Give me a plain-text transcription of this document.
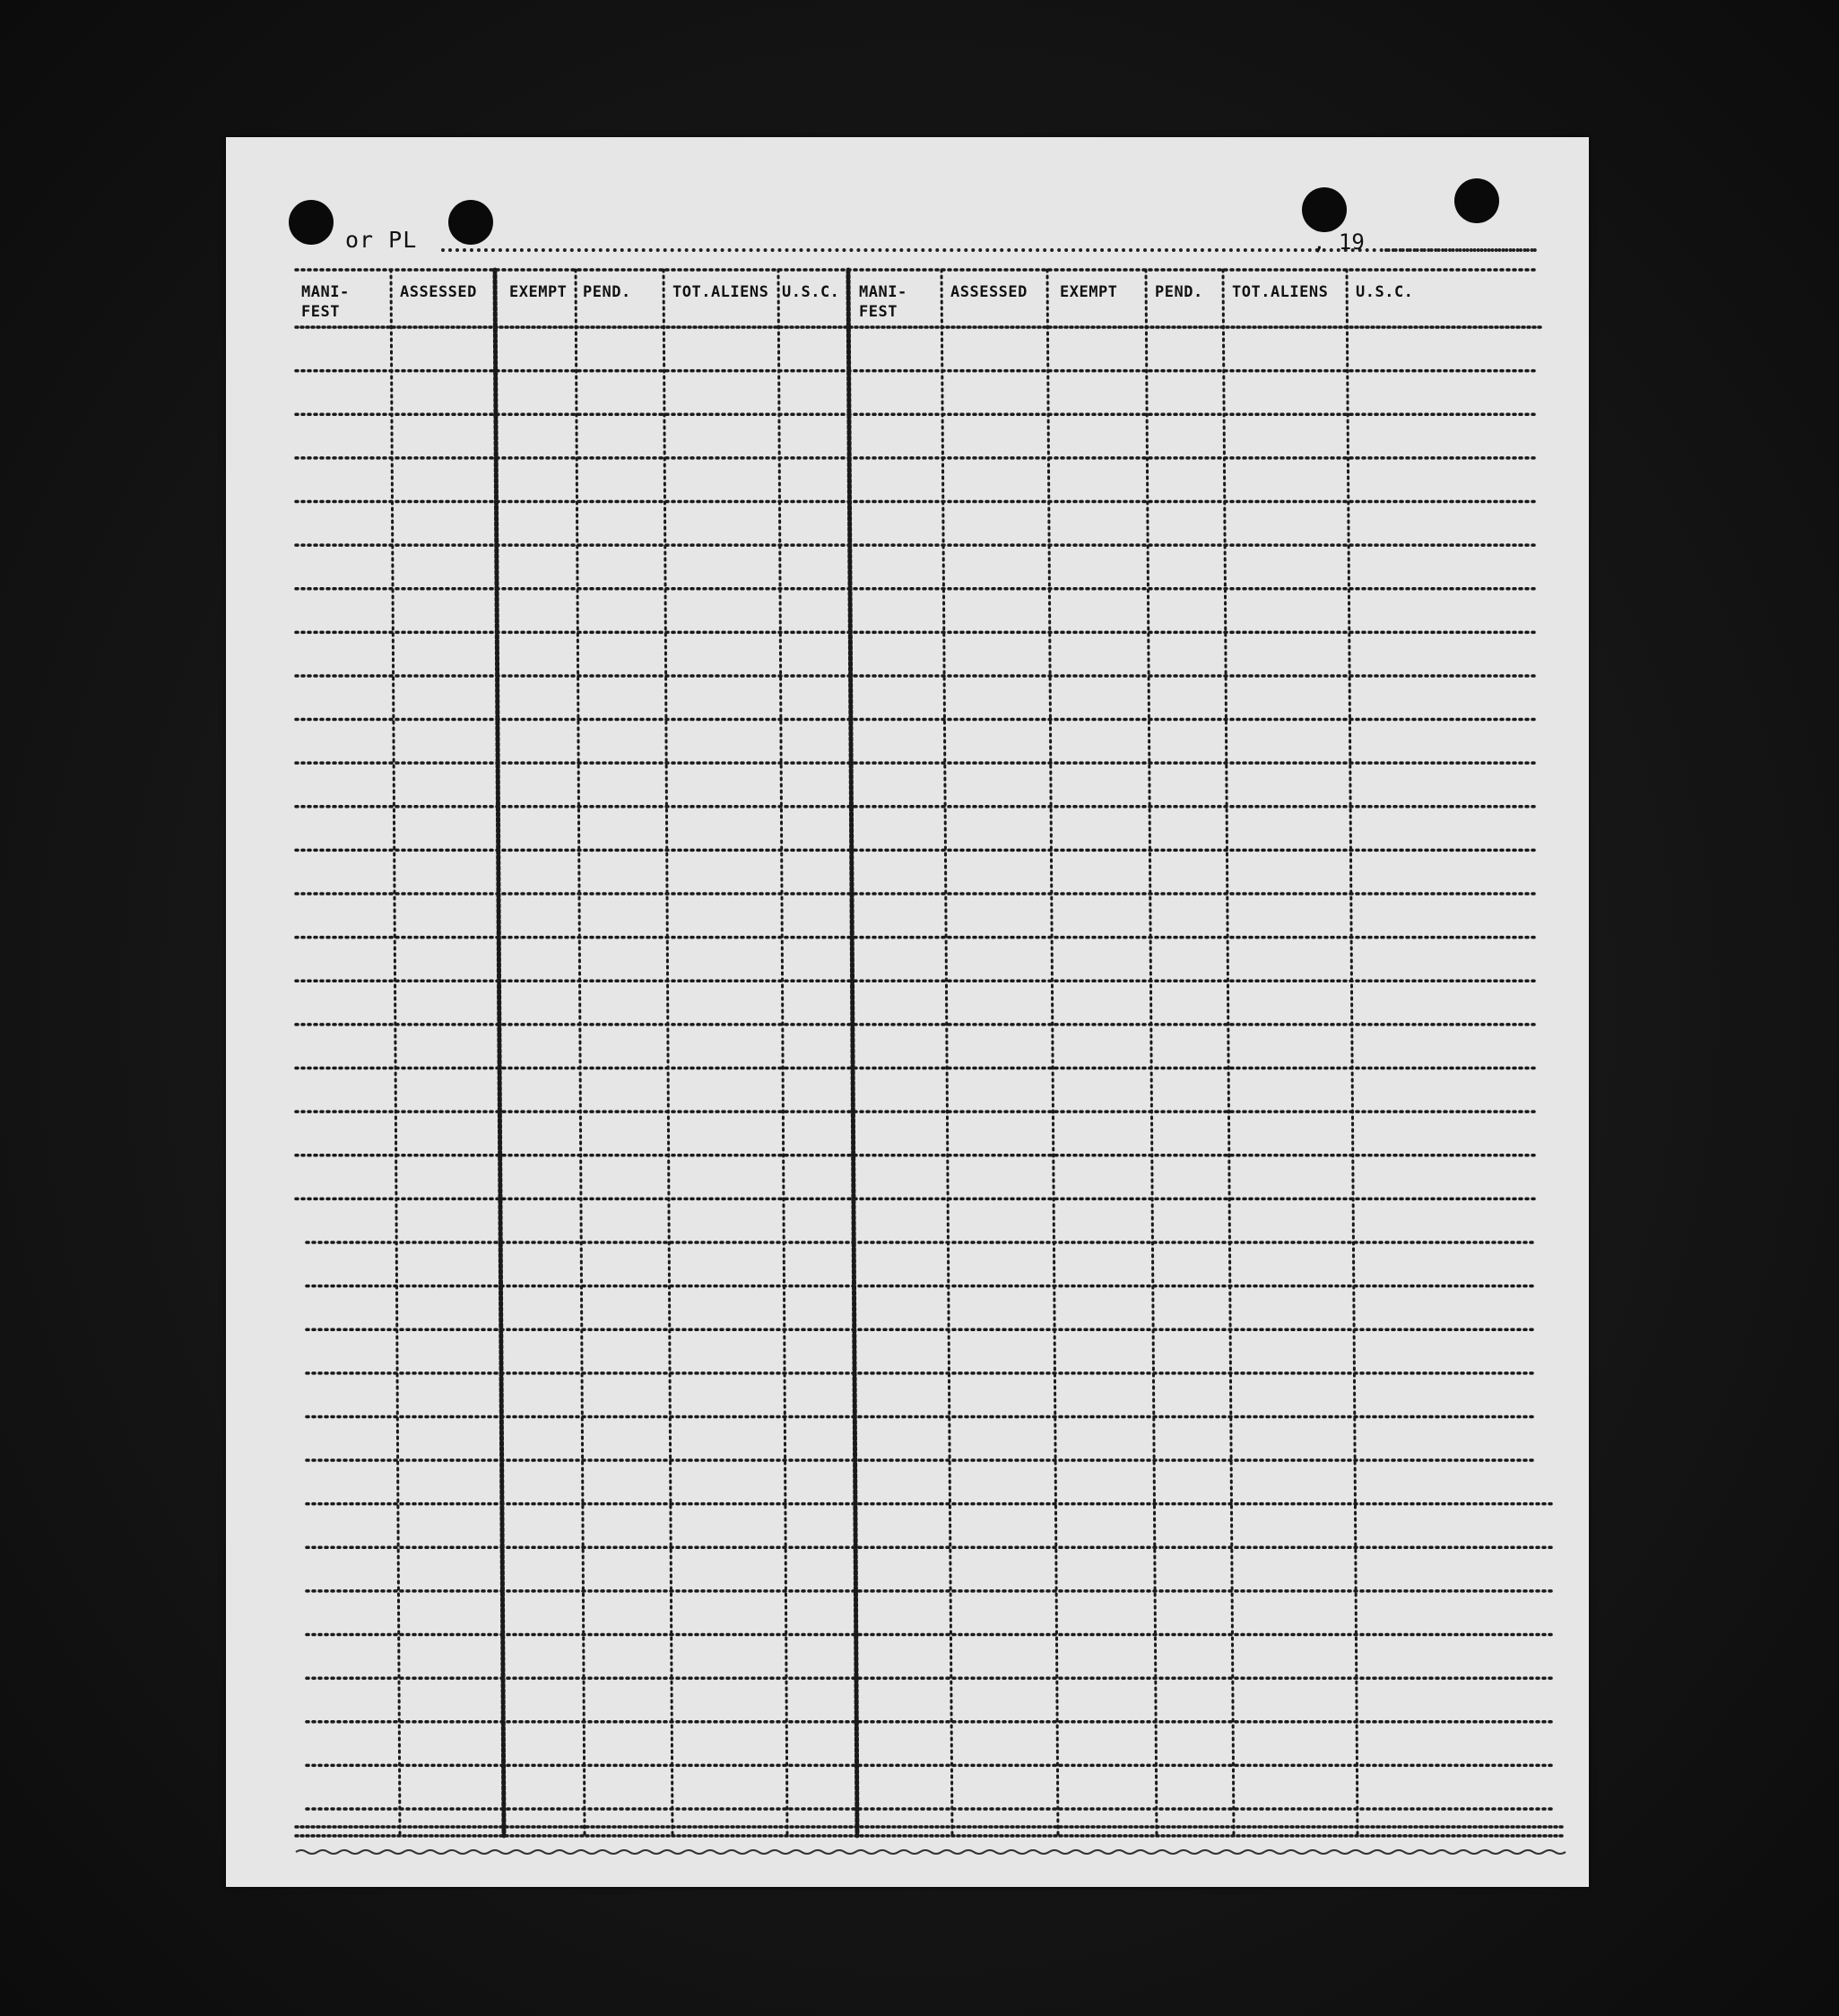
or PL	, 19
MANI-
FEST
ASSESSED EXEMPT PEND.	TOT.ALIENS U.S.C. MANI-
FEST
ASSESSED EXEMPT PEND. TOT.ALIENS U.S.C.
